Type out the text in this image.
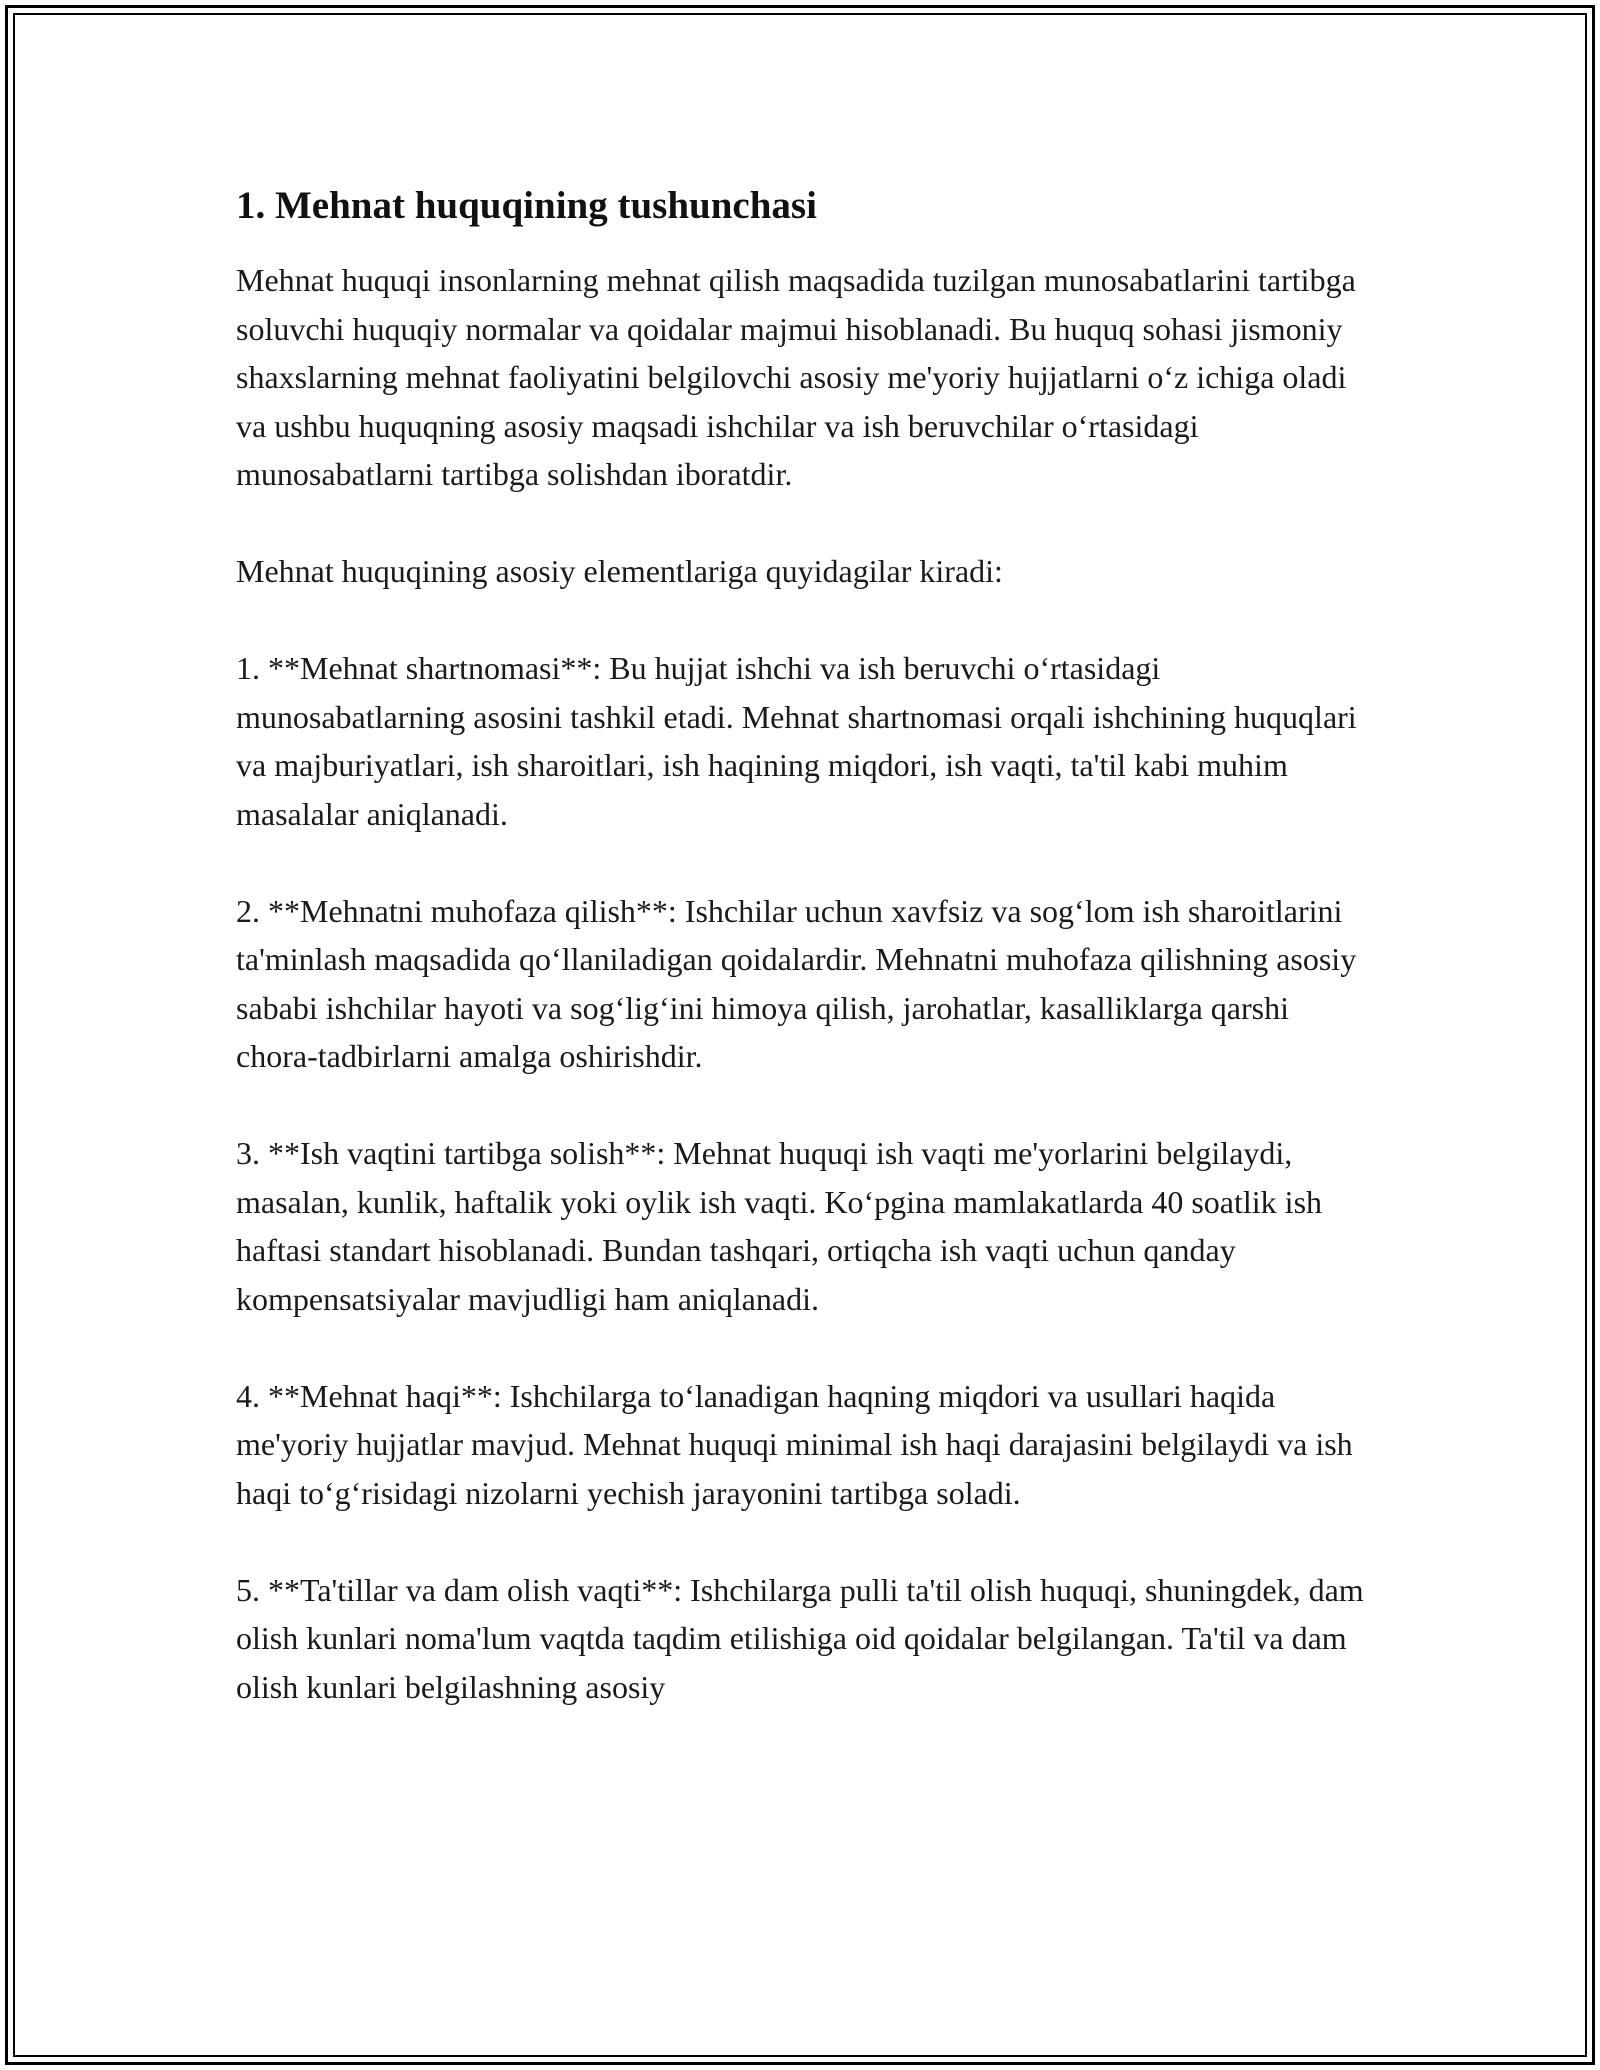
1. Mehnat huquqining tushunchasi

Mehnat huquqi insonlarning mehnat qilish maqsadida tuzilgan munosabatlarini tartibga soluvchi huquqiy normalar va qoidalar majmui hisoblanadi. Bu huquq sohasi jismoniy shaxslarning mehnat faoliyatini belgilovchi asosiy me'yoriy hujjatlarni o‘z ichiga oladi va ushbu huquqning asosiy maqsadi ishchilar va ish beruvchilar o‘rtasidagi munosabatlarni tartibga solishdan iboratdir.

Mehnat huquqining asosiy elementlariga quyidagilar kiradi:

1. **Mehnat shartnomasi**: Bu hujjat ishchi va ish beruvchi o‘rtasidagi munosabatlarning asosini tashkil etadi. Mehnat shartnomasi orqali ishchining huquqlari va majburiyatlari, ish sharoitlari, ish haqining miqdori, ish vaqti, ta'til kabi muhim masalalar aniqlanadi.

2. **Mehnatni muhofaza qilish**: Ishchilar uchun xavfsiz va sog‘lom ish sharoitlarini ta'minlash maqsadida qo‘llaniladigan qoidalardir. Mehnatni muhofaza qilishning asosiy sababi ishchilar hayoti va sog‘lig‘ini himoya qilish, jarohatlar, kasalliklarga qarshi chora-tadbirlarni amalga oshirishdir.

3. **Ish vaqtini tartibga solish**: Mehnat huquqi ish vaqti me'yorlarini belgilaydi, masalan, kunlik, haftalik yoki oylik ish vaqti. Ko‘pgina mamlakatlarda 40 soatlik ish haftasi standart hisoblanadi. Bundan tashqari, ortiqcha ish vaqti uchun qanday kompensatsiyalar mavjudligi ham aniqlanadi.

4. **Mehnat haqi**: Ishchilarga to‘lanadigan haqning miqdori va usullari haqida me'yoriy hujjatlar mavjud. Mehnat huquqi minimal ish haqi darajasini belgilaydi va ish haqi to‘g‘risidagi nizolarni yechish jarayonini tartibga soladi.

5. **Ta'tillar va dam olish vaqti**: Ishchilarga pulli ta'til olish huquqi, shuningdek, dam olish kunlari noma'lum vaqtda taqdim etilishiga oid qoidalar belgilangan. Ta'til va dam olish kunlari belgilashning asosiy
